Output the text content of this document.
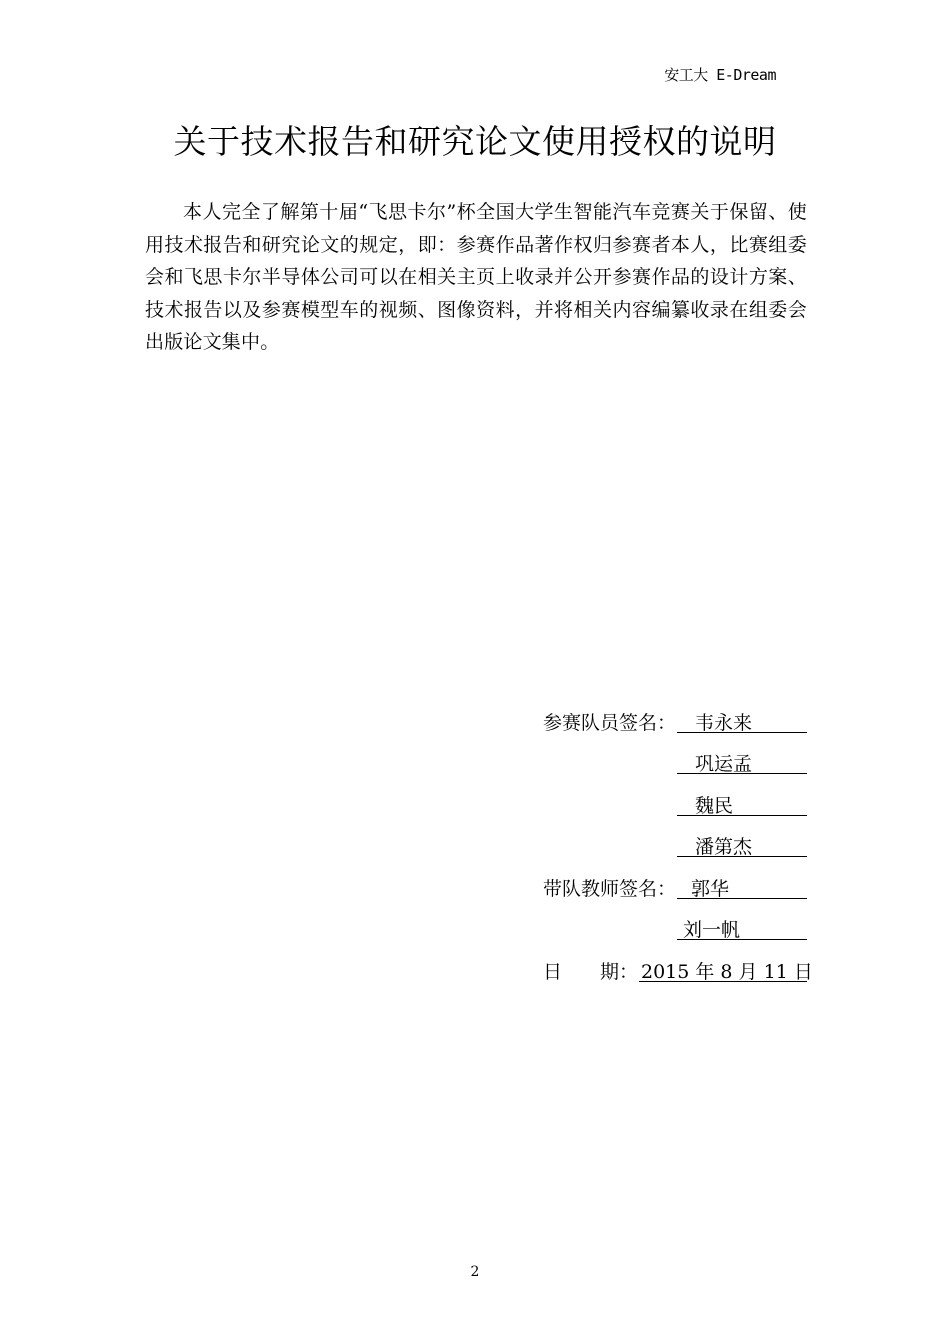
安工大 E-Dream
关于技术报告和研究论文使用授权的说明

本人完全了解第十届“飞思卡尔”杯全国大学生智能汽车竞赛关于保留、使用技术报告和研究论文的规定，即：参赛作品著作权归参赛者本人，比赛组委会和飞思卡尔半导体公司可以在相关主页上收录并公开参赛作品的设计方案、技术报告以及参赛模型车的视频、图像资料，并将相关内容编纂收录在组委会出版论文集中。

参赛队员签名： 韦永来
巩运孟
魏民
潘第杰
带队教师签名： 郭华
刘一帆
日　　期： 2015 年 8 月 11 日
2
